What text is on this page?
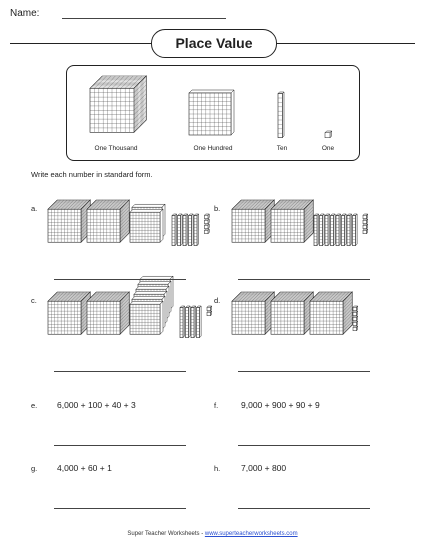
Name:
Place Value
One Thousand	One Hundred	Ten	One
Write each number in standard form.
a.	b.
c.	d.
e. 6,000 + 100 + 40 + 3	f.	9,000 + 900 + 90 + 9
g. 4,000 + 60 + 1	h. 7,000 + 800
Super Teacher Worksheets - www.superteacherworksheets.com
